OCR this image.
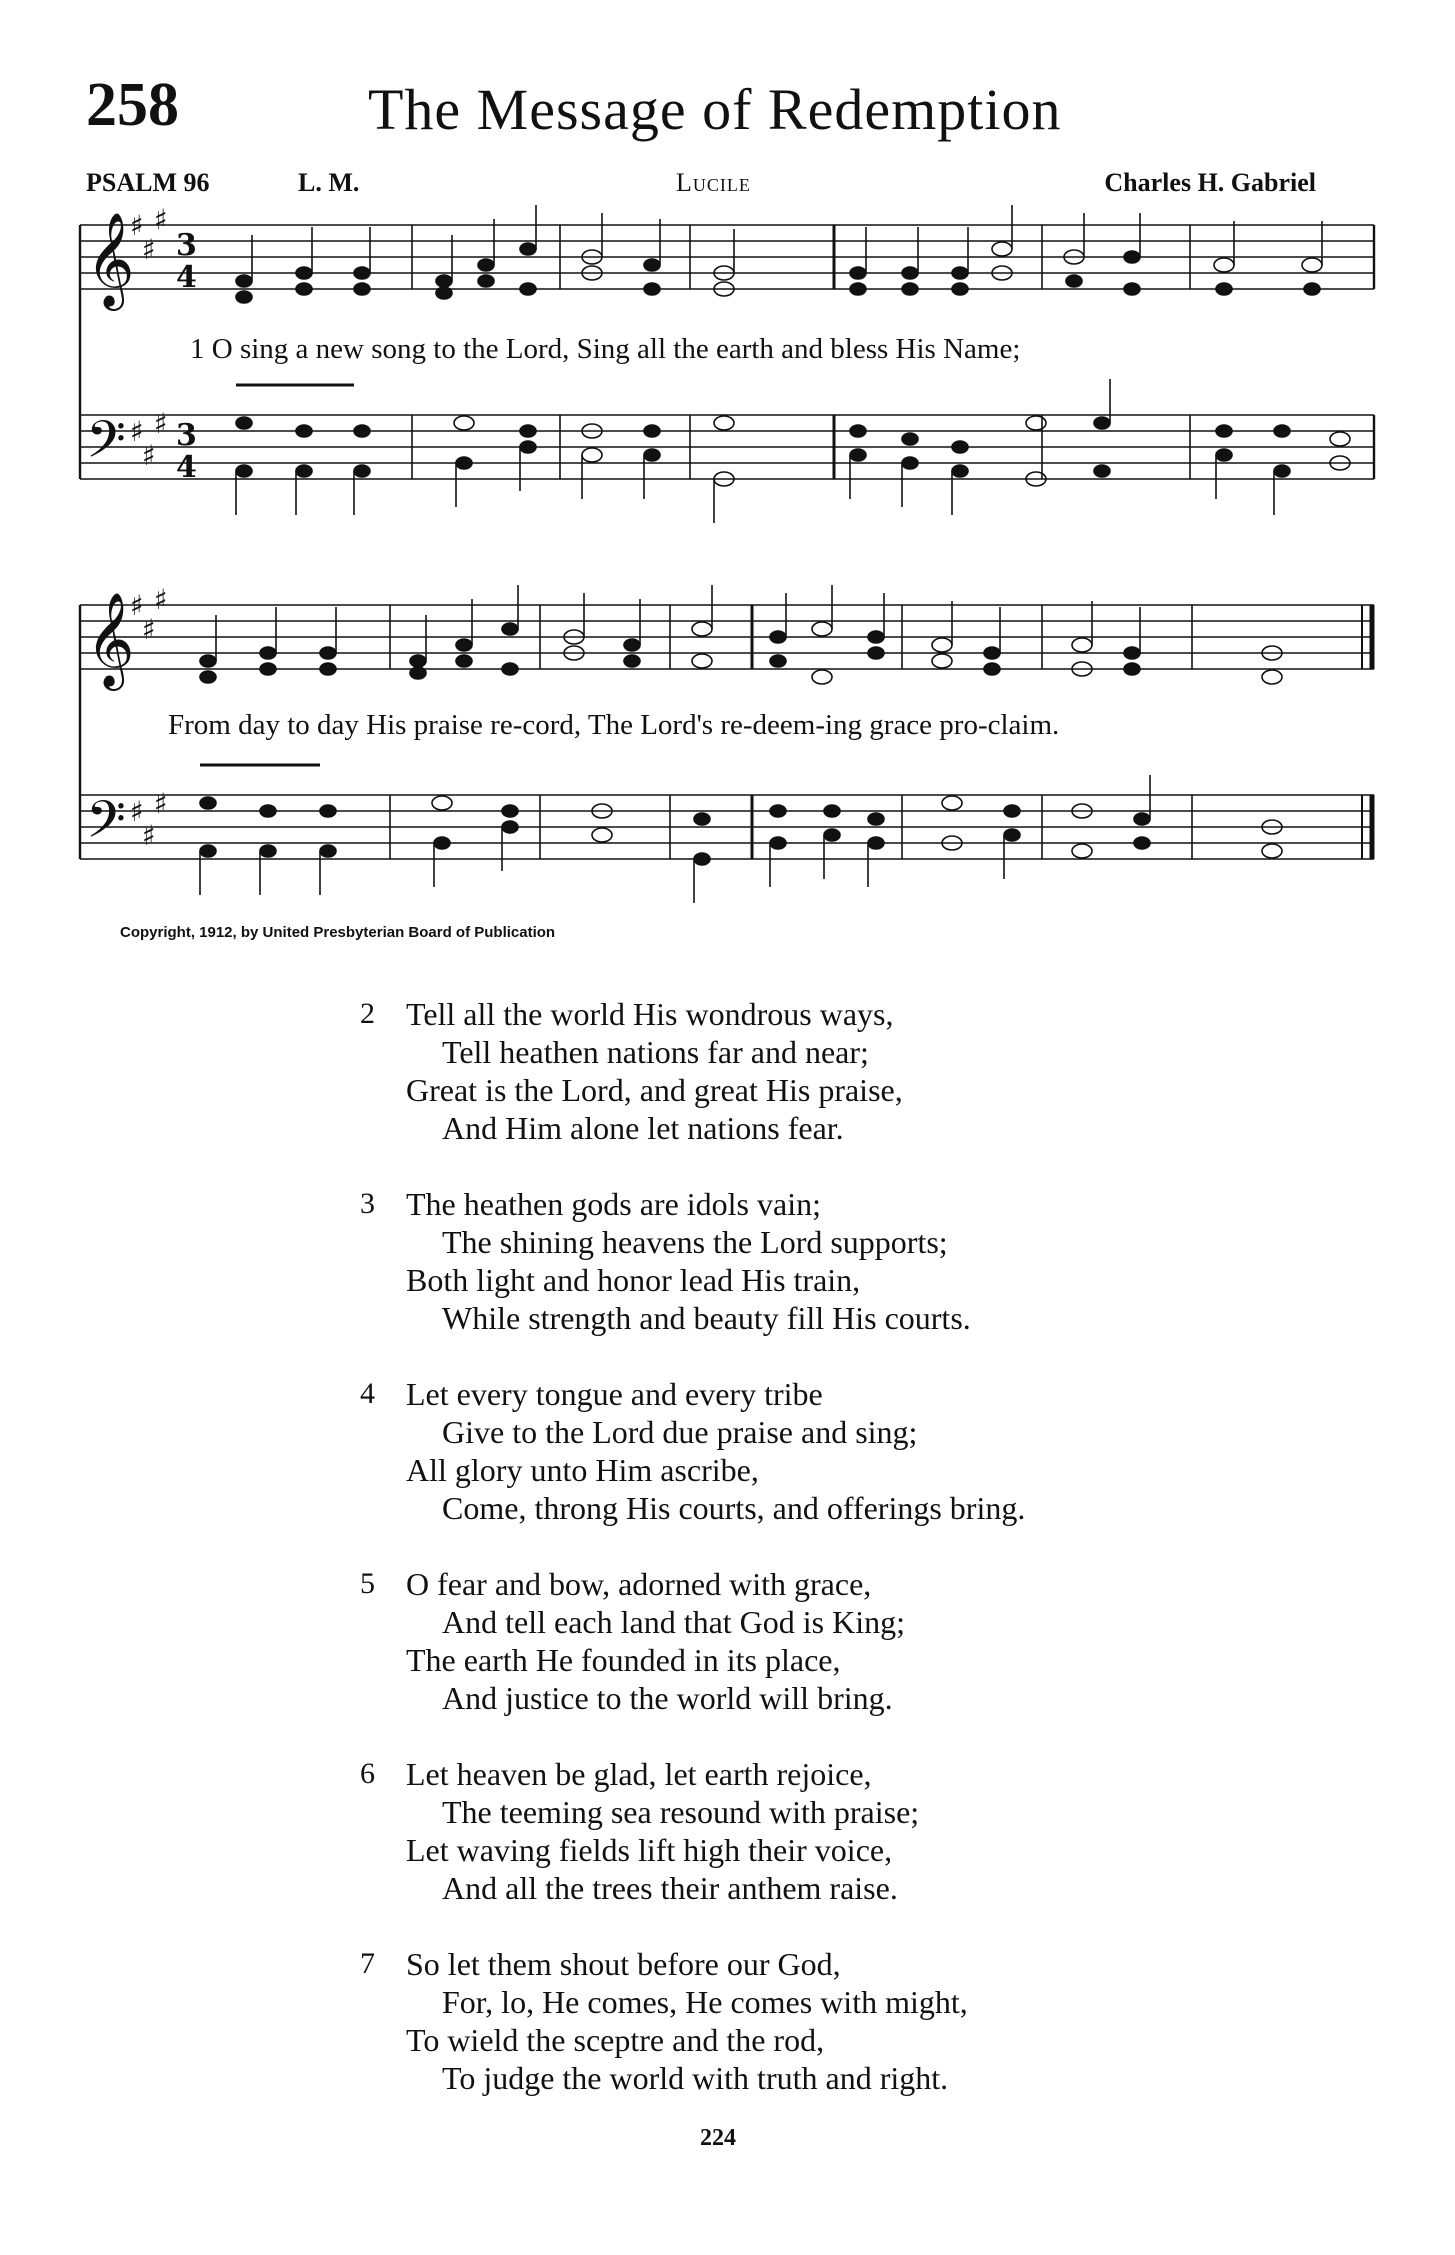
258	The Message of Redemption
PSALM 96	L. M.	Lucile	Charles H. Gabriel
𝄞
𝄢
♯
♯
♯
♯
♯
♯
3
4
3
4
1 O sing a new song to the Lord, Sing all the earth and bless His Name;
𝄞
𝄢
♯
♯
♯
♯
♯
♯
From day to day His praise re-cord, The Lord's re-deem-ing grace pro-claim.
Copyright, 1912, by United Presbyterian Board of Publication
2 Tell all the world His wondrous ways,
Tell heathen nations far and near;
Great is the Lord, and great His praise,
And Him alone let nations fear.
3 The heathen gods are idols vain;
The shining heavens the Lord supports;
Both light and honor lead His train,
While strength and beauty fill His courts.
4 Let every tongue and every tribe
Give to the Lord due praise and sing;
All glory unto Him ascribe,
Come, throng His courts, and offerings bring.
5 O fear and bow, adorned with grace,
And tell each land that God is King;
The earth He founded in its place,
And justice to the world will bring.
6 Let heaven be glad, let earth rejoice,
The teeming sea resound with praise;
Let waving fields lift high their voice,
And all the trees their anthem raise.
7 So let them shout before our God,
For, lo, He comes, He comes with might,
To wield the sceptre and the rod,
To judge the world with truth and right.
224
